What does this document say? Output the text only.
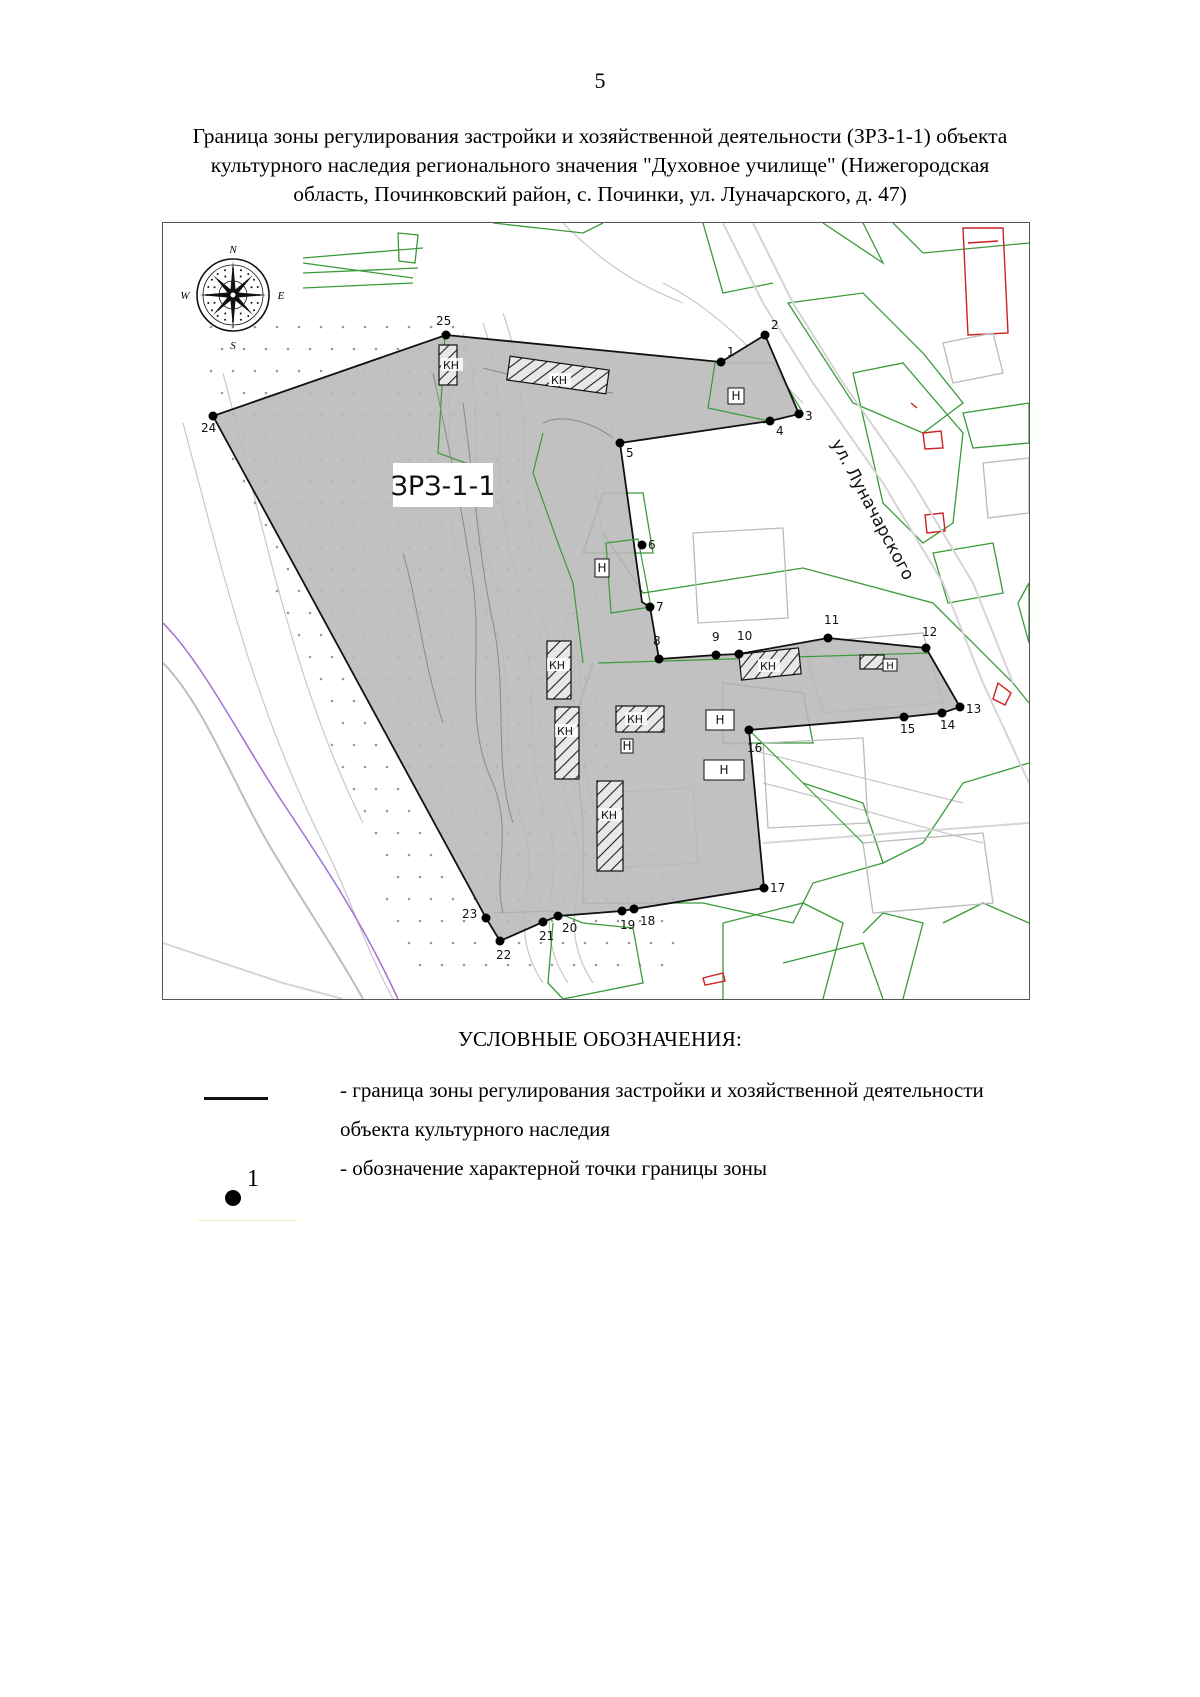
5
Граница зоны регулирования застройки и хозяйственной деятельности (ЗРЗ-1-1) объекта
культурного наследия регионального значения "Духовное училище" (Нижегородская
область, Починковский район, с. Починки, ул. Луначарского, д. 47)
КН
КН
КН
КН
КН
КН
КН
Н
Н
Н
Н
Н
Н
1
2
3
4
5
6
7
8	9 10
11
12
13
14
15
16
17
18
19
20
21
22
23
24
25
ЗРЗ-1-1	ул. Луначарского
N
S
W	E
УСЛОВНЫЕ ОБОЗНАЧЕНИЯ:
- граница зоны регулирования застройки и хозяйственной деятельности
объекта культурного наследия
1	- обозначение характерной точки границы зоны
